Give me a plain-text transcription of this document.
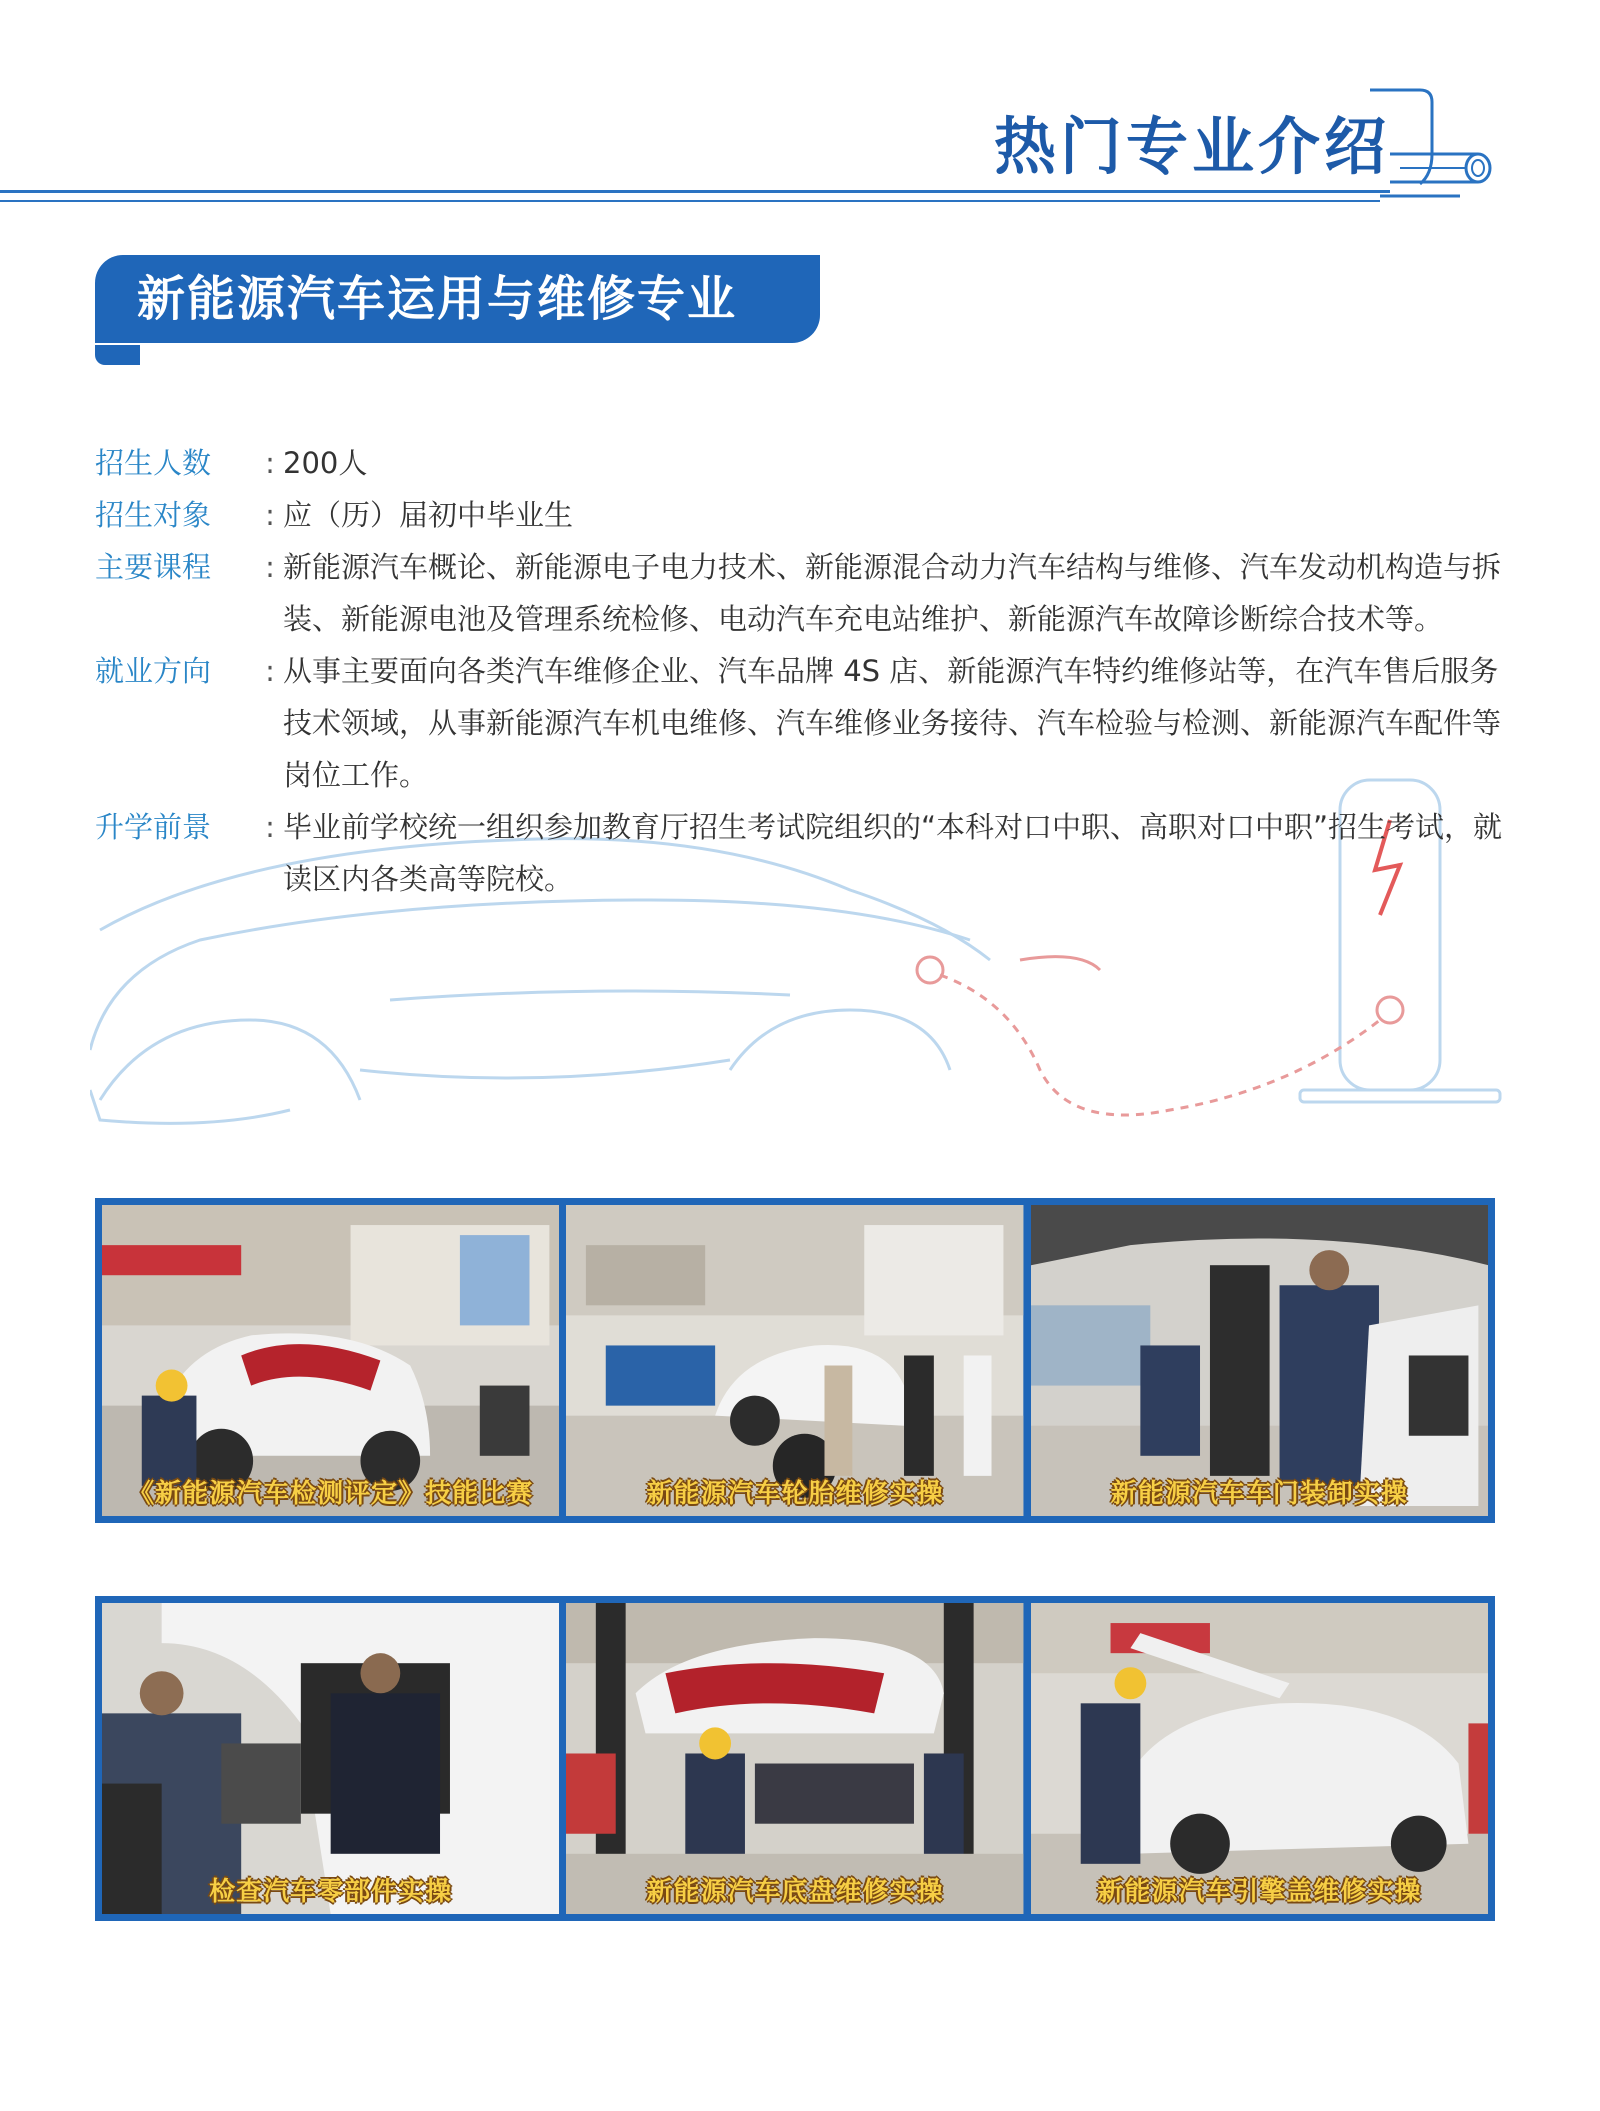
热门专业介绍
新能源汽车运用与维修专业
招生人数	: 200人
招生对象	: 应（历）届初中毕业生
主要课程	: 新能源汽车概论、新能源电子电力技术、新能源混合动力汽车结构与维修、汽车发动机构造与拆装、新能源电池及管理系统检修、电动汽车充电站维护、新能源汽车故障诊断综合技术等。
就业方向	: 从事主要面向各类汽车维修企业、汽车品牌 4S 店、新能源汽车特约维修站等，在汽车售后服务技术领域，从事新能源汽车机电维修、汽车维修业务接待、汽车检验与检测、新能源汽车配件等岗位工作。
升学前景	: 毕业前学校统一组织参加教育厅招生考试院组织的“本科对口中职、高职对口中职”招生考试，就读区内各类高等院校。
《新能源汽车检测评定》技能比赛	新能源汽车轮胎维修实操	新能源汽车车门装卸实操
检查汽车零部件实操	新能源汽车底盘维修实操	新能源汽车引擎盖维修实操
